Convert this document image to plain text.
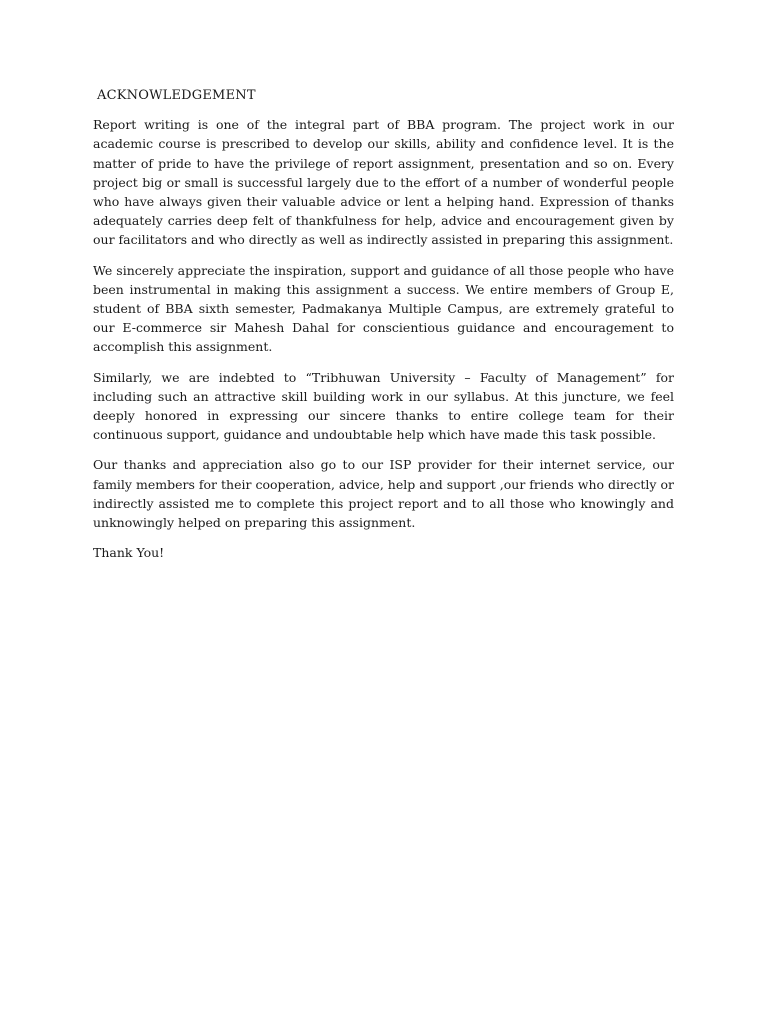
ACKNOWLEDGEMENT

Report writing is one of the integral part of BBA program. The project work in our academic course is prescribed to develop our skills, ability and confidence level. It is the matter of pride to have the privilege of report assignment, presentation and so on. Every project big or small is successful largely due to the effort of a number of wonderful people who have always given their valuable advice or lent a helping hand. Expression of thanks adequately carries deep felt of thankfulness for help, advice and encouragement given by our facilitators and who directly as well as indirectly assisted in preparing this assignment.

We sincerely appreciate the inspiration, support and guidance of all those people who have been instrumental in making this assignment a success. We entire members of Group E, student of BBA sixth semester, Padmakanya Multiple Campus, are extremely grateful to our E-commerce sir Mahesh Dahal for conscientious guidance and encouragement to accomplish this assignment.

Similarly, we are indebted to “Tribhuwan University – Faculty of Management” for including such an attractive skill building work in our syllabus. At this juncture, we feel deeply honored in expressing our sincere thanks to entire college team for their continuous support, guidance and undoubtable help which have made this task possible.

Our thanks and appreciation also go to our ISP provider for their internet service, our family members for their cooperation, advice, help and support ,our friends who directly or indirectly assisted me to complete this project report and to all those who knowingly and unknowingly helped on preparing this assignment.

Thank You!
